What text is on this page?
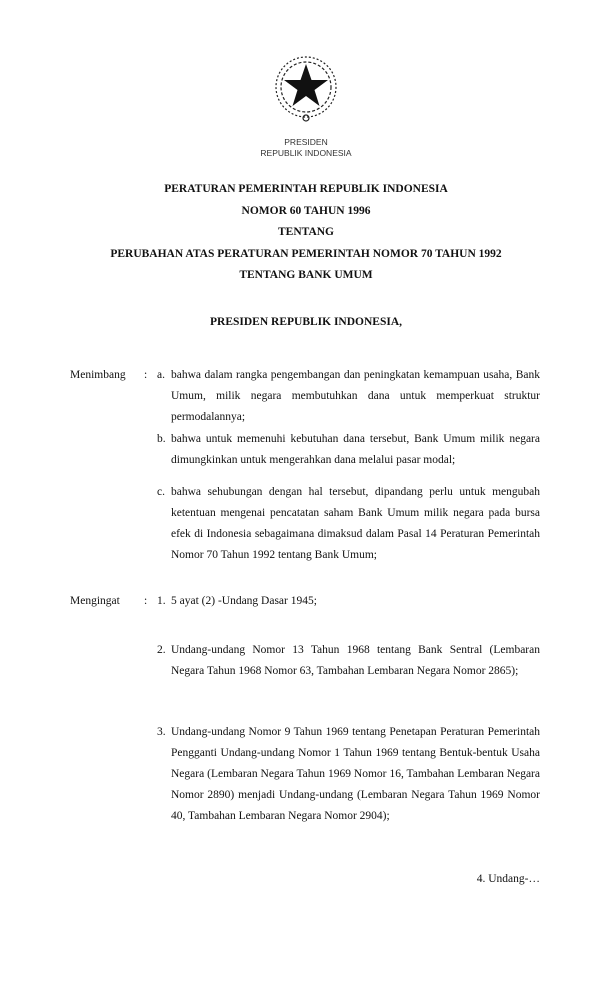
PRESIDEN
REPUBLIK INDONESIA
PERATURAN PEMERINTAH REPUBLIK INDONESIA
NOMOR 60 TAHUN 1996
TENTANG
PERUBAHAN ATAS PERATURAN PEMERINTAH NOMOR 70 TAHUN 1992
TENTANG BANK UMUM
PRESIDEN REPUBLIK INDONESIA,
Menimbang : a. bahwa dalam rangka pengembangan dan peningkatan kemampuan usaha, Bank Umum, milik negara membutuhkan dana untuk memperkuat struktur permodalannya;
b. bahwa untuk memenuhi kebutuhan dana tersebut, Bank Umum milik negara dimungkinkan untuk mengerahkan dana melalui pasar modal;
c. bahwa sehubungan dengan hal tersebut, dipandang perlu untuk mengubah ketentuan mengenai pencatatan saham Bank Umum milik negara pada bursa efek di Indonesia sebagaimana dimaksud dalam Pasal 14 Peraturan Pemerintah Nomor 70 Tahun 1992 tentang Bank Umum;
Mengingat : 1. 5 ayat (2) -Undang Dasar 1945;
2. Undang-undang Nomor 13 Tahun 1968 tentang Bank Sentral (Lembaran Negara Tahun 1968 Nomor 63, Tambahan Lembaran Negara Nomor 2865);
3. Undang-undang Nomor 9 Tahun 1969 tentang Penetapan Peraturan Pemerintah Pengganti Undang-undang Nomor 1 Tahun 1969 tentang Bentuk-bentuk Usaha Negara (Lembaran Negara Tahun 1969 Nomor 16, Tambahan Lembaran Negara Nomor 2890) menjadi Undang-undang (Lembaran Negara Tahun 1969 Nomor 40, Tambahan Lembaran Negara Nomor 2904);
4. Undang-…
